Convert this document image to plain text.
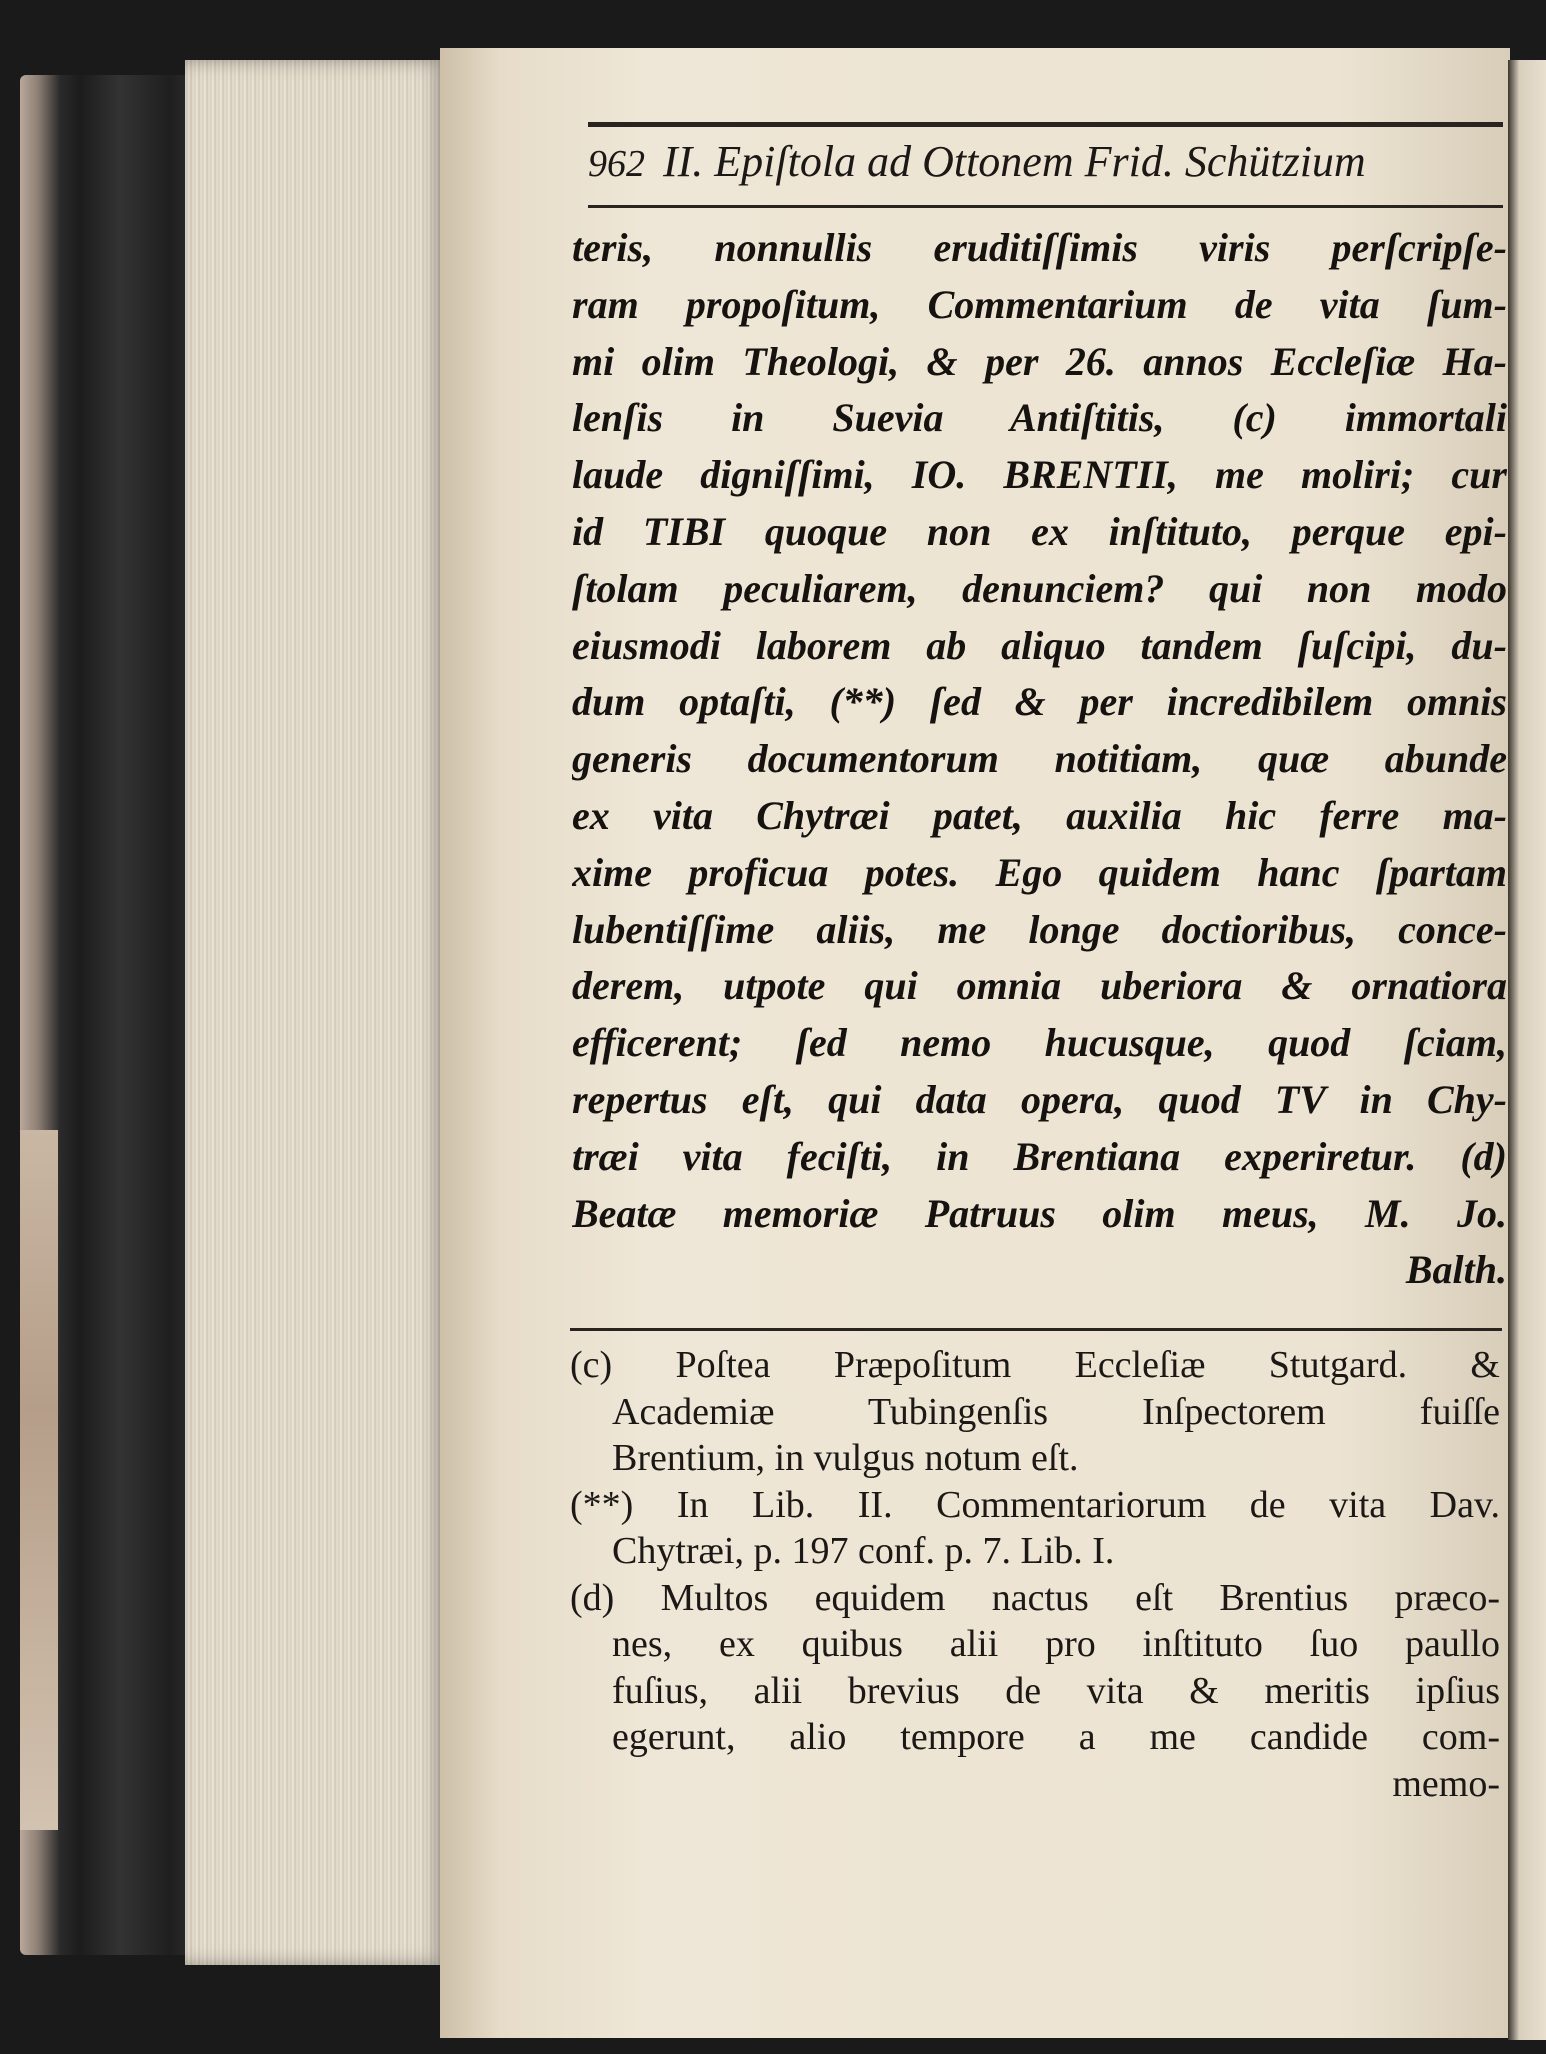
962 II. Epiſtola ad Ottonem Frid. Schützium
teris, nonnullis eruditiſſimis viris perſcripſe-
ram propoſitum, Commentarium de vita ſum-
mi olim Theologi, & per 26. annos Eccleſiæ Ha-
lenſis in Suevia Antiſtitis, (c) immortali
laude digniſſimi, IO. BRENTII, me moliri; cur
id TIBI quoque non ex inſtituto, perque epi-
ſtolam peculiarem, denunciem? qui non modo
eiusmodi laborem ab aliquo tandem ſuſcipi, du-
dum optaſti, (**) ſed & per incredibilem omnis
generis documentorum notitiam, quæ abunde
ex vita Chytræi patet, auxilia hic ferre ma-
xime proficua potes. Ego quidem hanc ſpartam
lubentiſſime aliis, me longe doctioribus, conce-
derem, utpote qui omnia uberiora & ornatiora
efficerent; ſed nemo hucusque, quod ſciam,
repertus eſt, qui data opera, quod TV in Chy-
træi vita feciſti, in Brentiana experiretur. (d)
Beatæ memoriæ Patruus olim meus, M. Jo.
Balth.
(c) Poſtea Præpoſitum Eccleſiæ Stutgard. &
Academiæ Tubingenſis Inſpectorem fuiſſe
Brentium, in vulgus notum eſt.
(**) In Lib. II. Commentariorum de vita Dav.
Chytræi, p. 197 conf. p. 7. Lib. I.
(d) Multos equidem nactus eſt Brentius præco-
nes, ex quibus alii pro inſtituto ſuo paullo
fuſius, alii brevius de vita & meritis ipſius
egerunt, alio tempore a me candide com-
memo-
